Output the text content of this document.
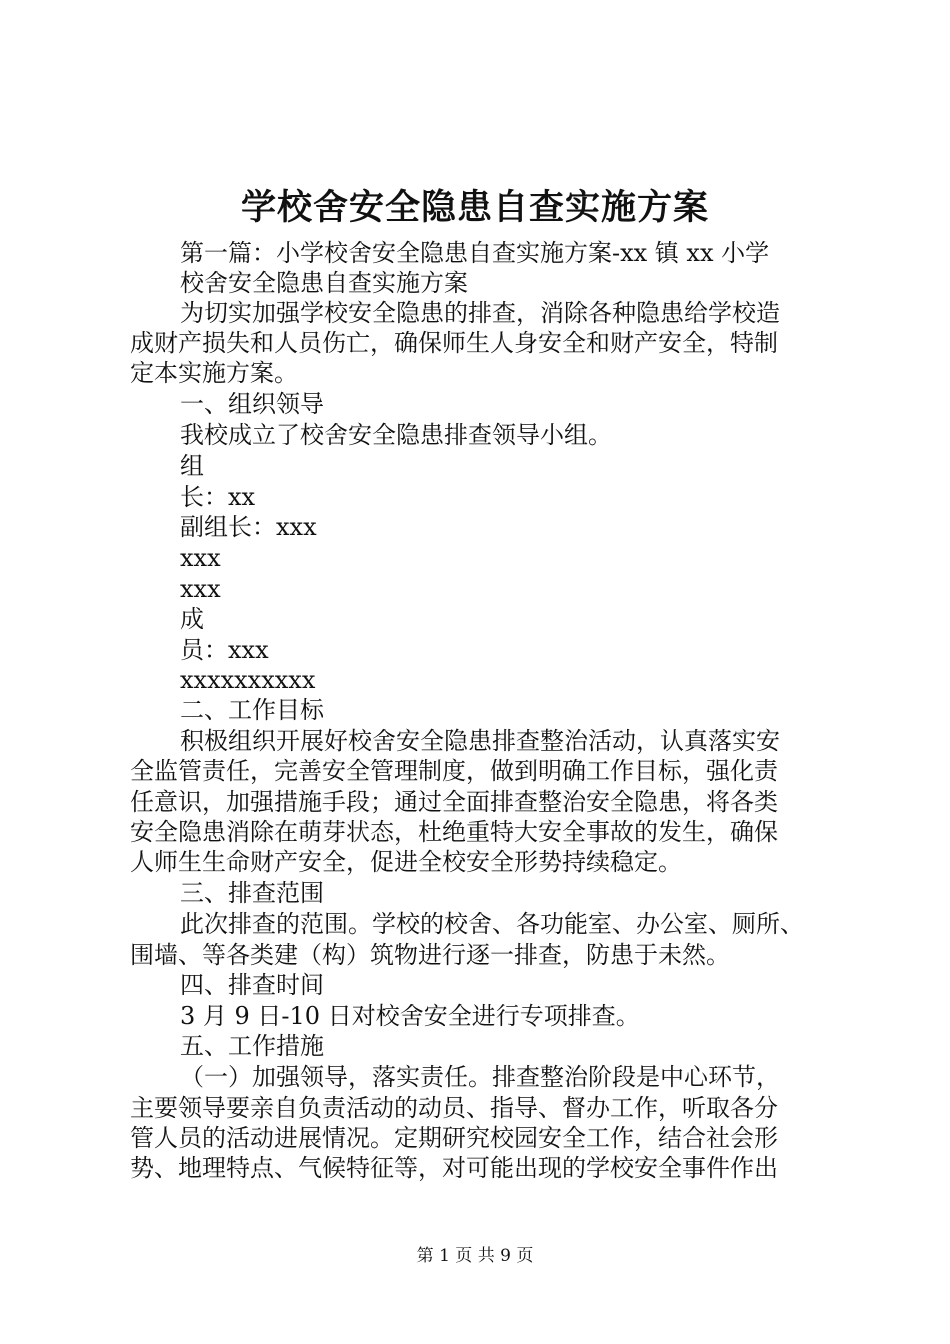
学校舍安全隐患自查实施方案
第一篇：小学校舍安全隐患自查实施方案-xx 镇 xx 小学
校舍安全隐患自查实施方案
为切实加强学校安全隐患的排查，消除各种隐患给学校造
成财产损失和人员伤亡，确保师生人身安全和财产安全，特制
定本实施方案。
一、组织领导
我校成立了校舍安全隐患排查领导小组。
组
长：xx
副组长：xxx
xxx
xxx
成
员：xxx
xxxxxxxxxx
二、工作目标
积极组织开展好校舍安全隐患排查整治活动，认真落实安
全监管责任，完善安全管理制度，做到明确工作目标，强化责
任意识，加强措施手段；通过全面排查整治安全隐患，将各类
安全隐患消除在萌芽状态，杜绝重特大安全事故的发生，确保
人师生生命财产安全，促进全校安全形势持续稳定。
三、排查范围
此次排查的范围。学校的校舍、各功能室、办公室、厕所、
围墙、等各类建（构）筑物进行逐一排查，防患于未然。
四、排查时间
3 月 9 日-10 日对校舍安全进行专项排查。
五、工作措施
（一）加强领导，落实责任。排查整治阶段是中心环节，
主要领导要亲自负责活动的动员、指导、督办工作，听取各分
管人员的活动进展情况。定期研究校园安全工作，结合社会形
势、地理特点、气候特征等，对可能出现的学校安全事件作出
第 1 页 共 9 页
